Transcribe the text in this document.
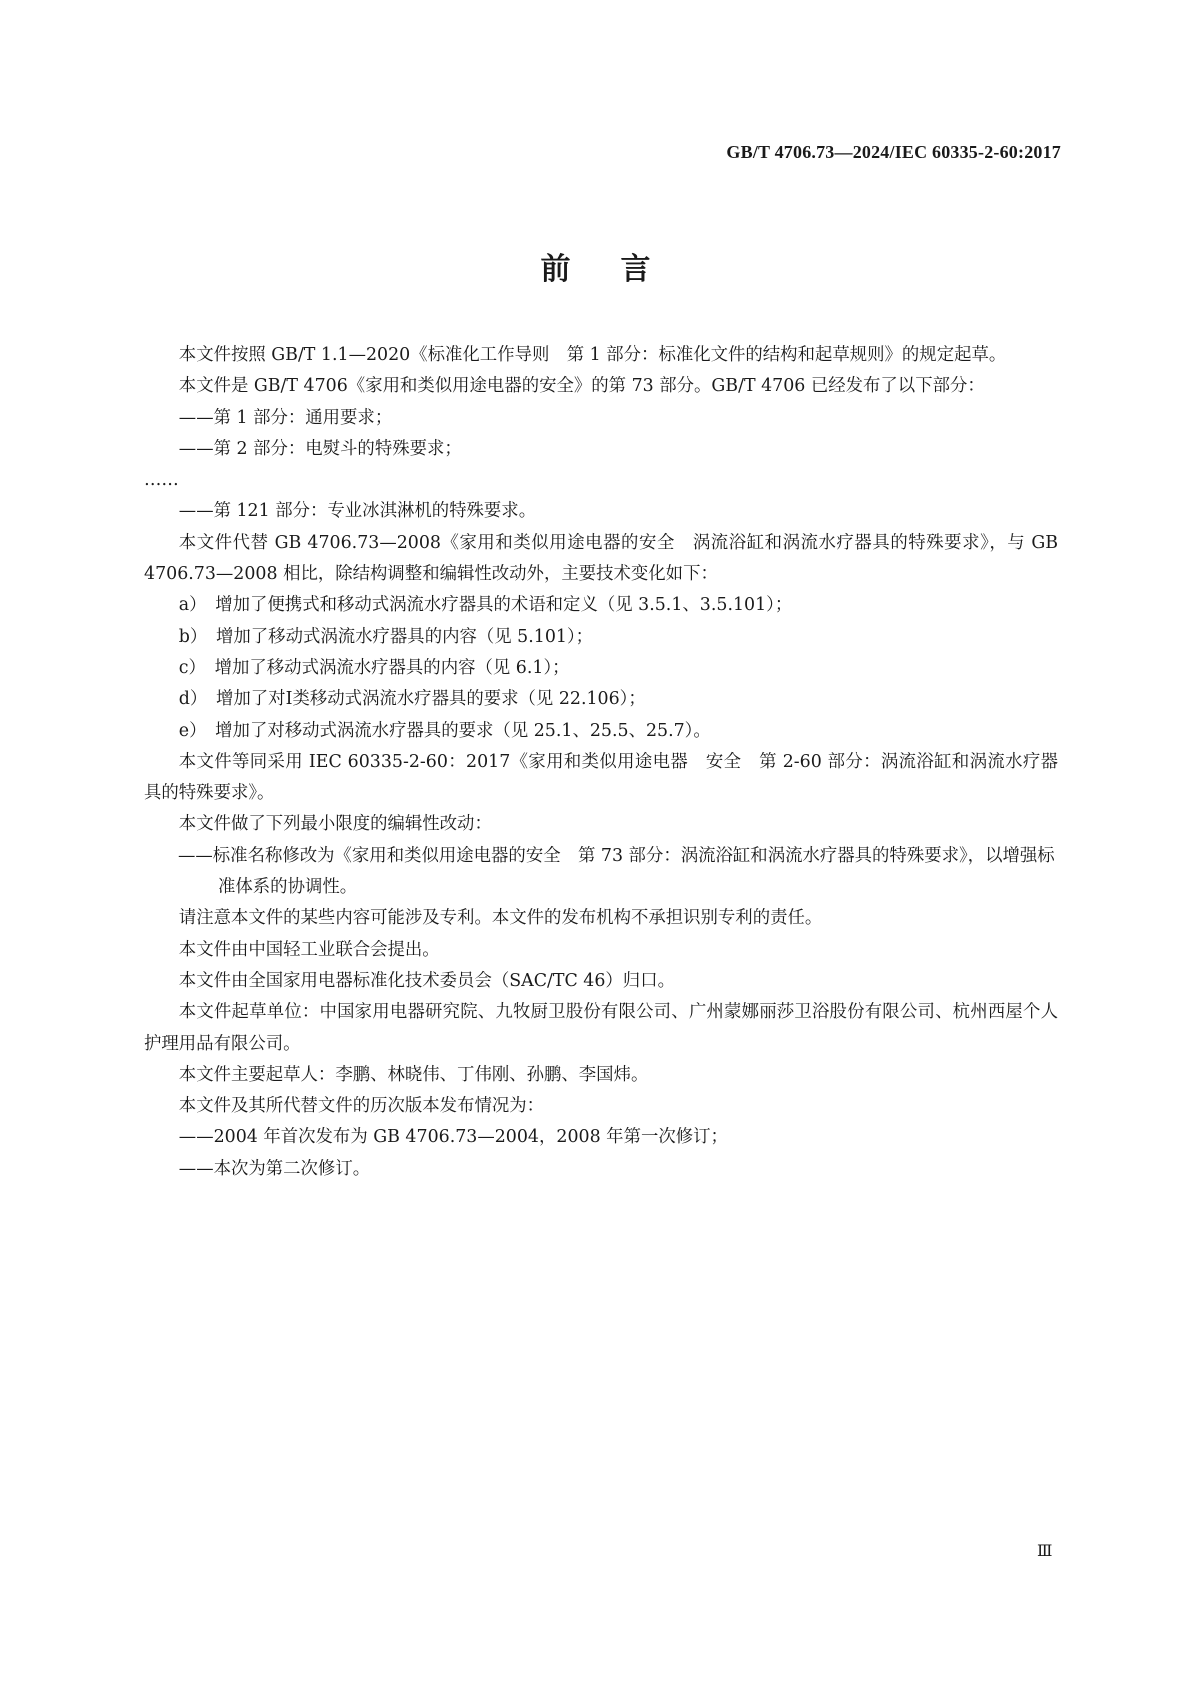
GB/T 4706.73—2024/IEC 60335-2-60:2017
前言

本文件按照 GB/T 1.1—2020《标准化工作导则　第 1 部分：标准化文件的结构和起草规则》的规定起草。

本文件是 GB/T 4706《家用和类似用途电器的安全》的第 73 部分。GB/T 4706 已经发布了以下部分：

——第 1 部分：通用要求；

——第 2 部分：电熨斗的特殊要求；

……

——第 121 部分：专业冰淇淋机的特殊要求。

本文件代替 GB 4706.73—2008《家用和类似用途电器的安全　涡流浴缸和涡流水疗器具的特殊要求》，与 GB 4706.73—2008 相比，除结构调整和编辑性改动外，主要技术变化如下：

a）　增加了便携式和移动式涡流水疗器具的术语和定义（见 3.5.1、3.5.101）；

b）　增加了移动式涡流水疗器具的内容（见 5.101）；

c）　增加了移动式涡流水疗器具的内容（见 6.1）；

d）　增加了对Ⅰ类移动式涡流水疗器具的要求（见 22.106）；

e）　增加了对移动式涡流水疗器具的要求（见 25.1、25.5、25.7）。

本文件等同采用 IEC 60335-2-60：2017《家用和类似用途电器　安全　第 2-60 部分：涡流浴缸和涡流水疗器具的特殊要求》。

本文件做了下列最小限度的编辑性改动：

——标准名称修改为《家用和类似用途电器的安全　第 73 部分：涡流浴缸和涡流水疗器具的特殊要求》，以增强标准体系的协调性。

请注意本文件的某些内容可能涉及专利。本文件的发布机构不承担识别专利的责任。

本文件由中国轻工业联合会提出。

本文件由全国家用电器标准化技术委员会（SAC/TC 46）归口。

本文件起草单位：中国家用电器研究院、九牧厨卫股份有限公司、广州蒙娜丽莎卫浴股份有限公司、杭州西屋个人护理用品有限公司。

本文件主要起草人：李鹏、林晓伟、丁伟刚、孙鹏、李国炜。

本文件及其所代替文件的历次版本发布情况为：

——2004 年首次发布为 GB 4706.73—2004，2008 年第一次修订；

——本次为第二次修订。

Ⅲ
